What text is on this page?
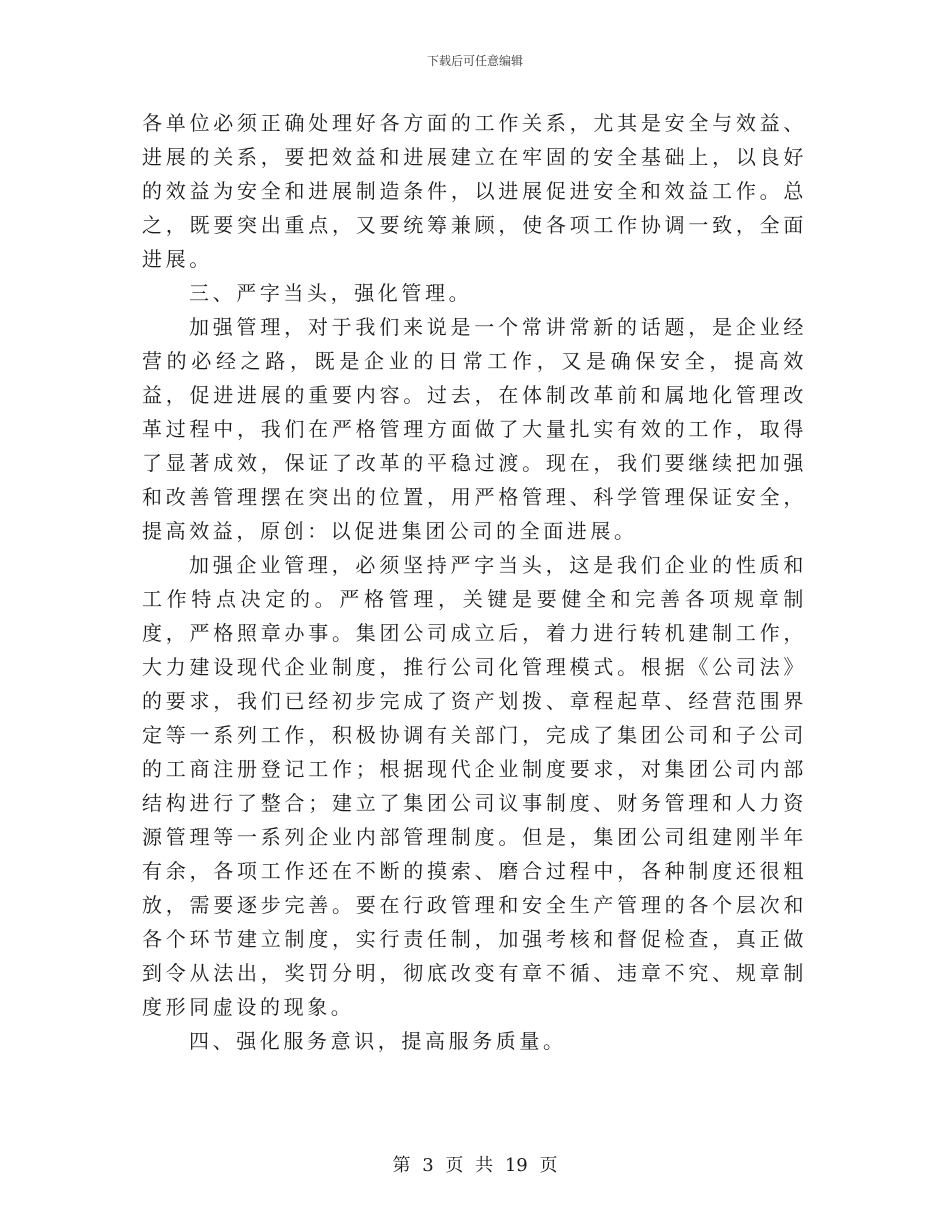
下载后可任意编辑

各单位必须正确处理好各方面的工作关系，尤其是安全与效益、进展的关系，要把效益和进展建立在牢固的安全基础上，以良好的效益为安全和进展制造条件，以进展促进安全和效益工作。总之，既要突出重点，又要统筹兼顾，使各项工作协调一致，全面进展。

三、严字当头，强化管理。

加强管理，对于我们来说是一个常讲常新的话题，是企业经营的必经之路，既是企业的日常工作，又是确保安全，提高效益，促进进展的重要内容。过去，在体制改革前和属地化管理改革过程中，我们在严格管理方面做了大量扎实有效的工作，取得了显著成效，保证了改革的平稳过渡。现在，我们要继续把加强和改善管理摆在突出的位置，用严格管理、科学管理保证安全，提高效益，原创：以促进集团公司的全面进展。

加强企业管理，必须坚持严字当头，这是我们企业的性质和工作特点决定的。严格管理，关键是要健全和完善各项规章制度，严格照章办事。集团公司成立后，着力进行转机建制工作，大力建设现代企业制度，推行公司化管理模式。根据《公司法》的要求，我们已经初步完成了资产划拨、章程起草、经营范围界定等一系列工作，积极协调有关部门，完成了集团公司和子公司的工商注册登记工作；根据现代企业制度要求，对集团公司内部结构进行了整合；建立了集团公司议事制度、财务管理和人力资源管理等一系列企业内部管理制度。但是，集团公司组建刚半年有余，各项工作还在不断的摸索、磨合过程中，各种制度还很粗放，需要逐步完善。要在行政管理和安全生产管理的各个层次和各个环节建立制度，实行责任制，加强考核和督促检查，真正做到令从法出，奖罚分明，彻底改变有章不循、违章不究、规章制度形同虚设的现象。

四、强化服务意识，提高服务质量。

第 3 页 共 19 页
